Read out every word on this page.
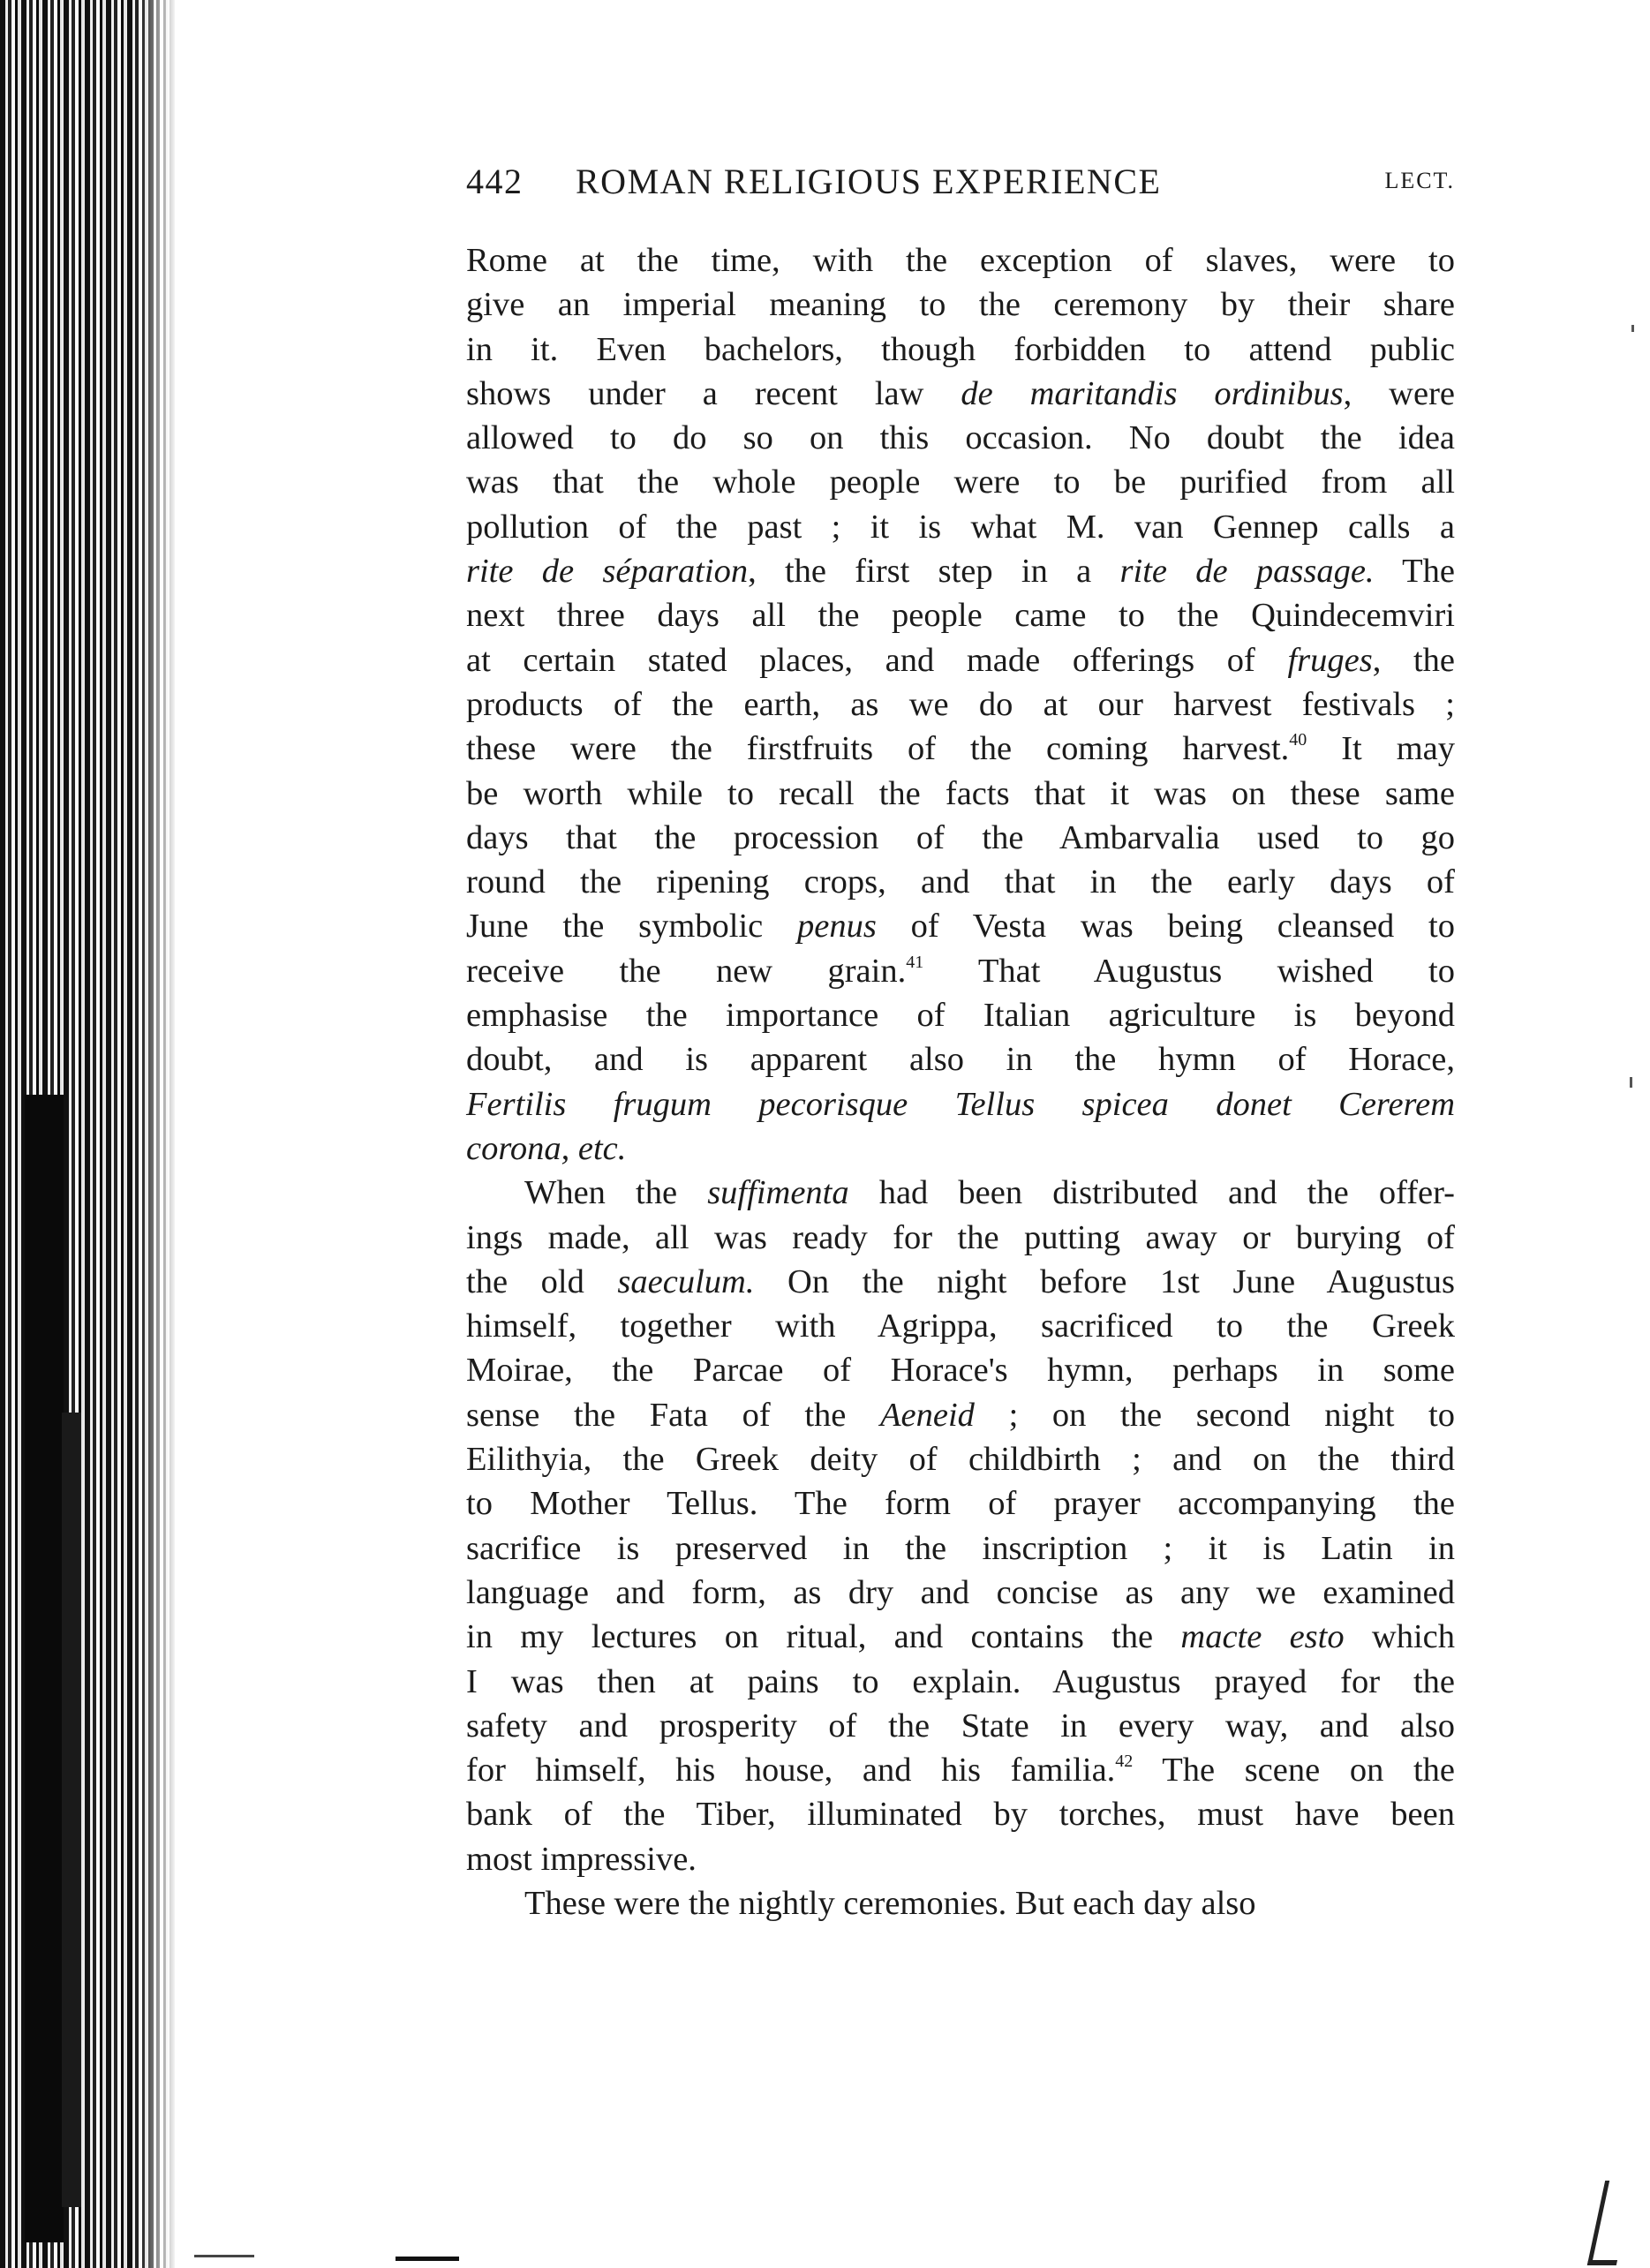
442 ROMAN RELIGIOUS EXPERIENCE	LECT.
Rome at the time, with the exception of slaves, were to
give an imperial meaning to the ceremony by their share
in it. Even bachelors, though forbidden to attend public
shows under a recent law de maritandis ordinibus, were
allowed to do so on this occasion. No doubt the idea
was that the whole people were to be purified from all
pollution of the past ; it is what M. van Gennep calls a
rite de séparation, the first step in a rite de passage. The
next three days all the people came to the Quindecemviri
at certain stated places, and made offerings of fruges, the
products of the earth, as we do at our harvest festivals ;
these were the firstfruits of the coming harvest.$^{40}$ It may
be worth while to recall the facts that it was on these same
days that the procession of the Ambarvalia used to go
round the ripening crops, and that in the early days of
June the symbolic penus of Vesta was being cleansed to
receive the new grain.$^{41}$ That Augustus wished to
emphasise the importance of Italian agriculture is beyond
doubt, and is apparent also in the hymn of Horace,
Fertilis frugum pecorisque Tellus spicea donet Cererem
corona, etc.
When the suffimenta had been distributed and the offer-
ings made, all was ready for the putting away or burying of
the old saeculum. On the night before 1st June Augustus
himself, together with Agrippa, sacrificed to the Greek
Moirae, the Parcae of Horace's hymn, perhaps in some
sense the Fata of the Aeneid ; on the second night to
Eilithyia, the Greek deity of childbirth ; and on the third
to Mother Tellus. The form of prayer accompanying the
sacrifice is preserved in the inscription ; it is Latin in
language and form, as dry and concise as any we examined
in my lectures on ritual, and contains the macte esto which
I was then at pains to explain. Augustus prayed for the
safety and prosperity of the State in every way, and also
for himself, his house, and his familia.$^{42}$ The scene on the
bank of the Tiber, illuminated by torches, must have been
most impressive.
These were the nightly ceremonies. But each day also
